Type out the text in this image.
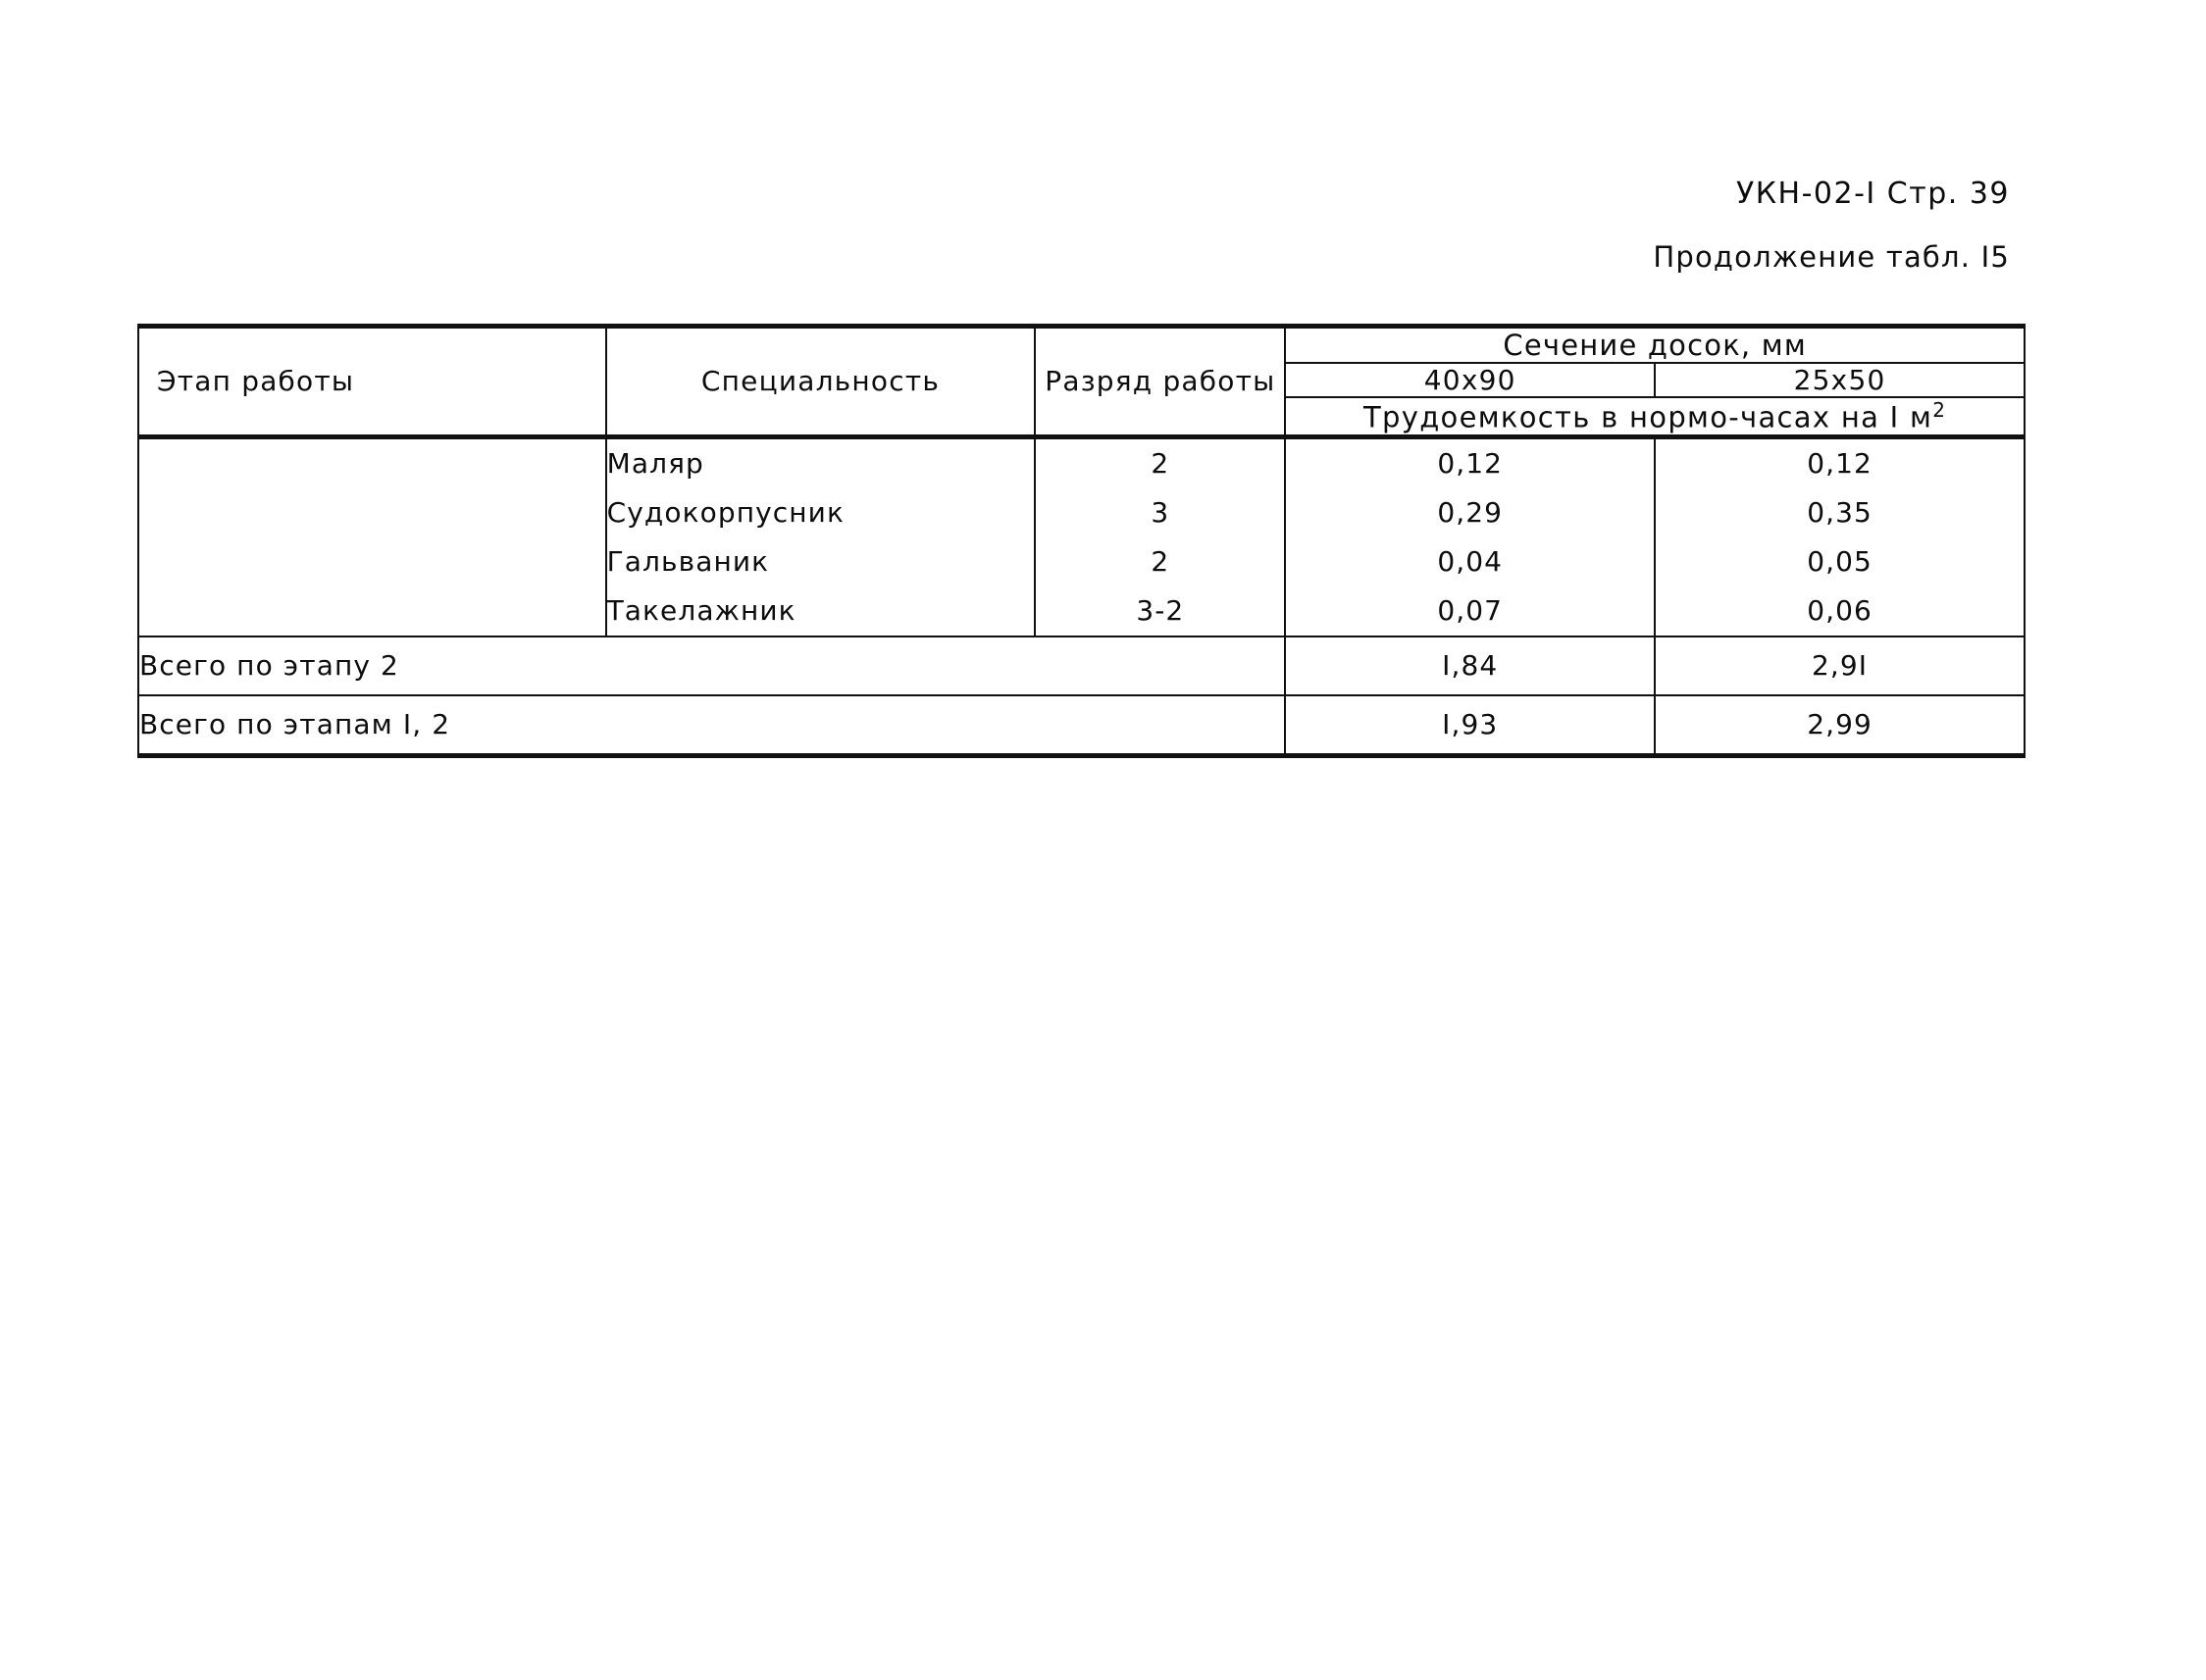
УКН-02-I Стр. 39
Продолжение табл. I5
Этап работы	Специальность	Разряд работы	Сечение досок, мм	
			40х90	25х50
			Трудоемкость в нормо-часах на I $м^2$
	Маляр	2	0,12	0,12
	Судокорпусник	3	0,29	0,35
	Гальваник	2	0,04	0,05
	Такелажник	3-2	0,07	0,06
Всего по этапу 2			I,84	2,9I
Всего по этапам I, 2			I,93	2,99
